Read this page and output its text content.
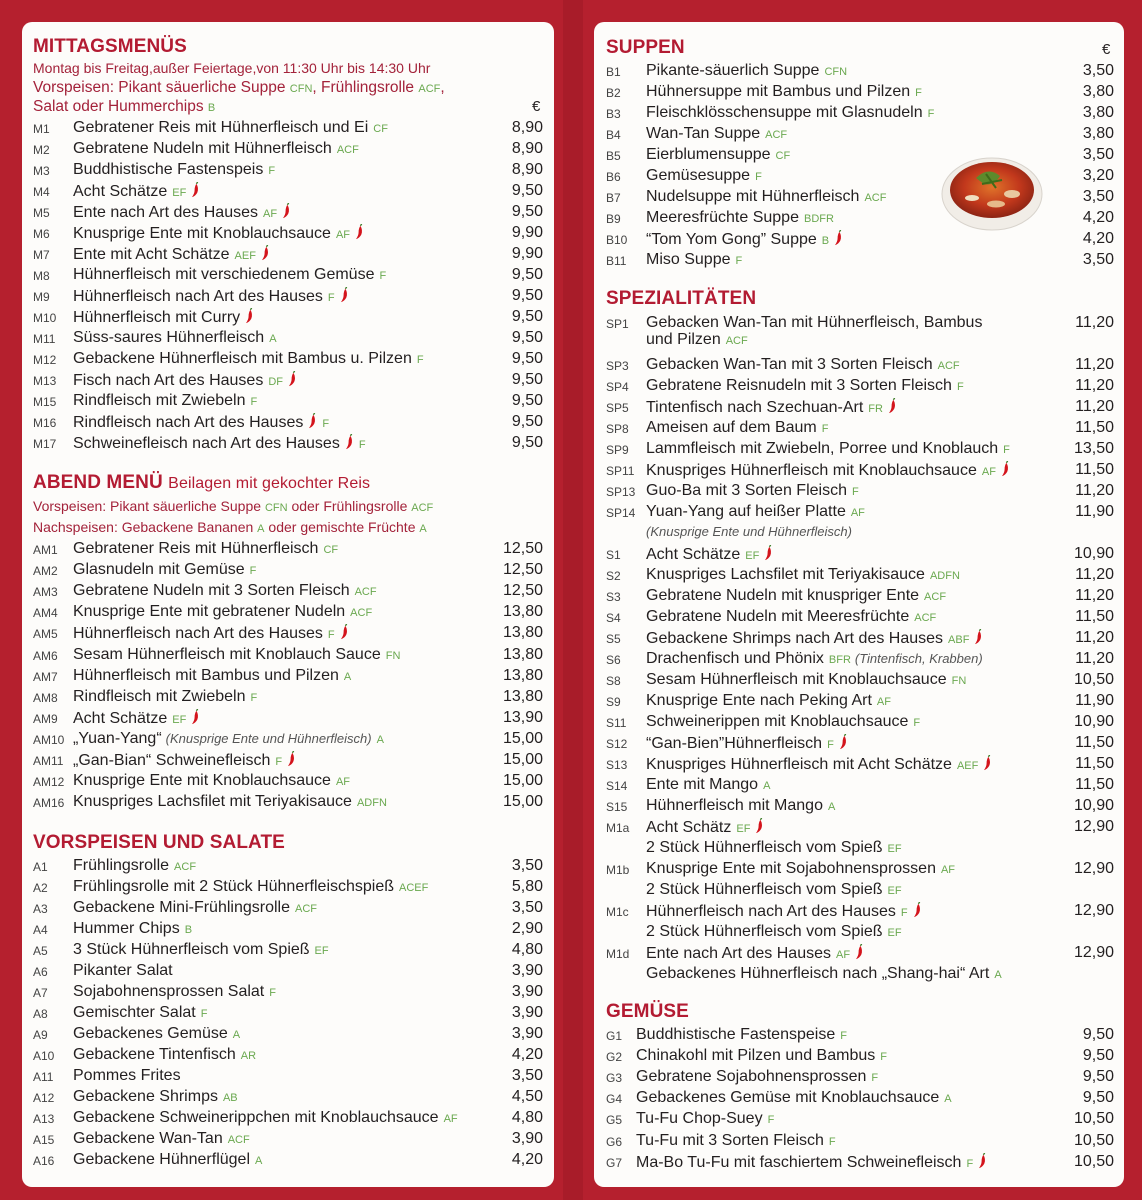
MITTAGSMENÜS
Montag bis Freitag,außer Feiertage,von 11:30 Uhr bis 14:30 Uhr
Vorspeisen: Pikant säuerliche Suppe CFN, Frühlingsrolle ACF,
Salat oder Hummerchips B	€
M1 Gebratener Reis mit Hühnerfleisch und Ei CF	8,90
M2 Gebratene Nudeln mit Hühnerfleisch ACF	8,90
M3 Buddhistische Fastenspeis F	8,90
M4 Acht Schätze EF	9,50
M5 Ente nach Art des Hauses AF	9,50
M6 Knusprige Ente mit Knoblauchsauce AF	9,90
M7 Ente mit Acht Schätze AEF	9,90
M8 Hühnerfleisch mit verschiedenem Gemüse F	9,50
M9 Hühnerfleisch nach Art des Hauses F	9,50
M10 Hühnerfleisch mit Curry	9,50
M11 Süss-saures Hühnerfleisch A	9,50
M12 Gebackene Hühnerfleisch mit Bambus u. Pilzen F	9,50
M13 Fisch nach Art des Hauses DF	9,50
M15 Rindfleisch mit Zwiebeln F	9,50
M16 Rindfleisch nach Art des Hauses F	9,50
M17 Schweinefleisch nach Art des Hauses F	9,50
ABEND MENÜ Beilagen mit gekochter Reis
Vorspeisen: Pikant säuerliche Suppe CFN oder Frühlingsrolle ACF
Nachspeisen: Gebackene Bananen A oder gemischte Früchte A
AM1 Gebratener Reis mit Hühnerfleisch CF	12,50
AM2 Glasnudeln mit Gemüse F	12,50
AM3 Gebratene Nudeln mit 3 Sorten Fleisch ACF	12,50
AM4 Knusprige Ente mit gebratener Nudeln ACF	13,80
AM5 Hühnerfleisch nach Art des Hauses F	13,80
AM6 Sesam Hühnerfleisch mit Knoblauch Sauce FN	13,80
AM7 Hühnerfleisch mit Bambus und Pilzen A	13,80
AM8 Rindfleisch mit Zwiebeln F	13,80
AM9 Acht Schätze EF	13,90
AM10 „Yuan-Yang“ (Knusprige Ente und Hühnerfleisch) A	15,00
AM11 „Gan-Bian“ Schweinefleisch F	15,00
AM12 Knusprige Ente mit Knoblauchsauce AF	15,00
AM16 Knuspriges Lachsfilet mit Teriyakisauce ADFN	15,00
VORSPEISEN UND SALATE
A1 Frühlingsrolle ACF	3,50
A2 Frühlingsrolle mit 2 Stück Hühnerfleischspieß ACEF	5,80
A3 Gebackene Mini-Frühlingsrolle ACF	3,50
A4 Hummer Chips B	2,90
A5 3 Stück Hühnerfleisch vom Spieß EF	4,80
A6 Pikanter Salat	3,90
A7 Sojabohnensprossen Salat F	3,90
A8 Gemischter Salat F	3,90
A9 Gebackenes Gemüse A	3,90
A10 Gebackene Tintenfisch AR	4,20
A11 Pommes Frites	3,50
A12 Gebackene Shrimps AB	4,50
A13 Gebackene Schweinerippchen mit Knoblauchsauce AF	4,80
A15 Gebackene Wan-Tan ACF	3,90
A16 Gebackene Hühnerflügel A	4,20
SUPPEN	€
B1 Pikante-säuerlich Suppe CFN	3,50
B2 Hühnersuppe mit Bambus und Pilzen F	3,80
B3 Fleischklösschensuppe mit Glasnudeln F	3,80
B4 Wan-Tan Suppe ACF	3,80
B5 Eierblumensuppe CF	3,50
B6 Gemüsesuppe F	3,20
B7 Nudelsuppe mit Hühnerfleisch ACF	3,50
B9 Meeresfrüchte Suppe BDFR	4,20
B10 “Tom Yom Gong” Suppe B	4,20
B11 Miso Suppe F	3,50
SPEZIALITÄTEN
SP1 Gebacken Wan-Tan mit Hühnerfleisch, Bambus	11,20
und Pilzen ACF
SP3 Gebacken Wan-Tan mit 3 Sorten Fleisch ACF	11,20
SP4 Gebratene Reisnudeln mit 3 Sorten Fleisch F	11,20
SP5 Tintenfisch nach Szechuan-Art FR	11,20
SP8 Ameisen auf dem Baum F	11,50
SP9 Lammfleisch mit Zwiebeln, Porree und Knoblauch F	13,50
SP11 Knuspriges Hühnerfleisch mit Knoblauchsauce AF	11,50
SP13 Guo-Ba mit 3 Sorten Fleisch F	11,20
SP14 Yuan-Yang auf heißer Platte AF	11,90
(Knusprige Ente und Hühnerfleisch)
S1 Acht Schätze EF	10,90
S2 Knuspriges Lachsfilet mit Teriyakisauce ADFN	11,20
S3 Gebratene Nudeln mit knuspriger Ente ACF	11,20
S4 Gebratene Nudeln mit Meeresfrüchte ACF	11,50
S5 Gebackene Shrimps nach Art des Hauses ABF	11,20
S6 Drachenfisch und Phönix BFR (Tintenfisch, Krabben)	11,20
S8 Sesam Hühnerfleisch mit Knoblauchsauce FN	10,50
S9 Knusprige Ente nach Peking Art AF	11,90
S11 Schweinerippen mit Knoblauchsauce F	10,90
S12 “Gan-Bien”Hühnerfleisch F	11,50
S13 Knuspriges Hühnerfleisch mit Acht Schätze AEF	11,50
S14 Ente mit Mango A	11,50
S15 Hühnerfleisch mit Mango A	10,90
M1a Acht Schätz EF	12,90
2 Stück Hühnerfleisch vom Spieß EF
M1b Knusprige Ente mit Sojabohnensprossen AF	12,90
2 Stück Hühnerfleisch vom Spieß EF
M1c Hühnerfleisch nach Art des Hauses F	12,90
2 Stück Hühnerfleisch vom Spieß EF
M1d Ente nach Art des Hauses AF	12,90
Gebackenes Hühnerfleisch nach „Shang-hai“ Art A
GEMÜSE
G1 Buddhistische Fastenspeise F	9,50
G2 Chinakohl mit Pilzen und Bambus F	9,50
G3 Gebratene Sojabohnensprossen F	9,50
G4 Gebackenes Gemüse mit Knoblauchsauce A	9,50
G5 Tu-Fu Chop-Suey F	10,50
G6 Tu-Fu mit 3 Sorten Fleisch F	10,50
G7 Ma-Bo Tu-Fu mit faschiertem Schweinefleisch F	10,50
